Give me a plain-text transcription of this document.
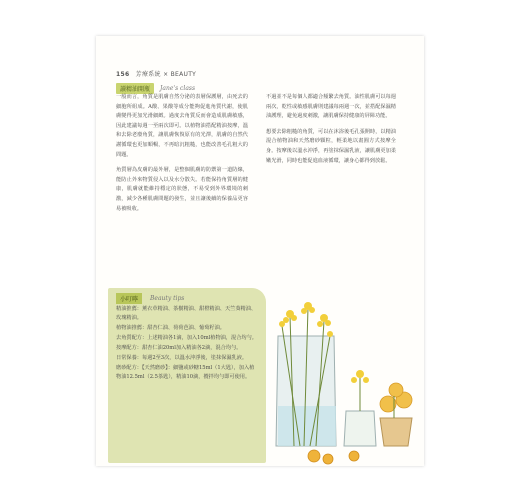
156 芳療系統 × BEAUTY
讀精油開瓶	Jane's class

一般而言，角質是肌膚自然分泌的表層保護層，由死去的細胞所組成。A酸、果酸等成分能夠促進角質代謝，使肌膚變得更加光滑細緻。過度去角質反而會造成肌膚敏感，因此建議每週一至兩次即可。以植物油搭配精油按摩，溫和去除老廢角質，讓肌膚恢復原有的光澤，肌膚的自然代謝循環也更加順暢，不再暗沉粗糙，也能改善毛孔粗大的問題。

角質層為皮膚的最外層，是整個肌膚的防禦第一道防線，能防止外來物質侵入以及水分散失。若能保持角質層的健康，肌膚就能維持穩定的狀態，不易受到外界環境的刺激，減少各種肌膚問題的發生，並且讓後續的保養品更容易被吸收。

不過並不是每個人都適合頻繁去角質。油性肌膚可以每週兩次，乾性或敏感肌膚則建議每兩週一次，並搭配保濕精油護理，避免過度刺激，讓肌膚保持健康的屏障功能。

想要去除粗糙的角質，可以在沐浴後毛孔張開時，以精油混合植物油和天然磨砂顆粒，輕柔地以畫圓方式按摩全身。按摩後以溫水沖淨，再塗抹保濕乳液，讓肌膚更加柔嫩光滑，同時也能促進血液循環，讓身心都得到放鬆。

小叮嚀	Beauty tips
精油推薦：薰衣草精油、茶樹精油、甜橙精油、天竺葵精油、玫瑰精油。
植物油推薦：甜杏仁油、荷荷芭油、葡萄籽油。
去角質配方：上述精油各1滴，加入10ml植物油，混合均勻。
按摩配方：甜杏仁油20ml加入精油各2滴，混合均勻。
日常保養：每週2至3次，以溫水沖淨後，塗抹保濕乳液。
磨砂配方：【天然磨砂】：細鹽或砂糖15ml（1大匙），加入植物油12.5ml（2.5茶匙），精油10滴，攪拌均勻即可使用。
